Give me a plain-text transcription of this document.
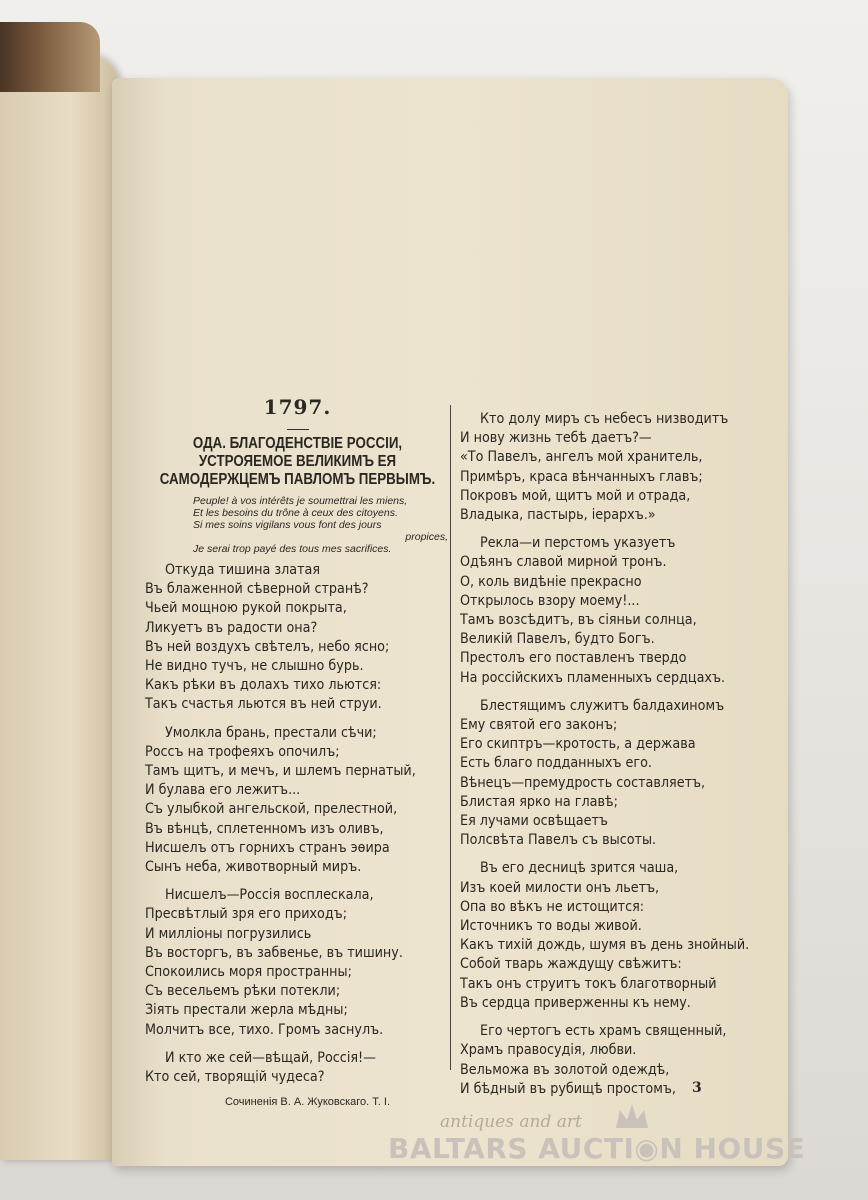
1797.
ОДА. БЛАГОДЕНСТВІЕ РОССІИ,
УСТРОЯЕМОЕ ВЕЛИКИМЪ ЕЯ
САМОДЕРЖЦЕМЪ ПАВЛОМЪ ПЕРВЫМЪ.
Peuple! à vos intérêts je soumettrai les miens,
Et les besoins du trône à ceux des citoyens.
Si mes soins vigilans vous font des jours
propices,
Je serai trop payé des tous mes sacrifices.
Откуда тишина златая
Въ блаженной сѣверной странѣ?
Чьей мощною рукой покрыта,
Ликуетъ въ радости она?
Въ ней воздухъ свѣтелъ, небо ясно;
Не видно тучъ, не слышно бурь.
Какъ рѣки въ долахъ тихо льются:
Такъ счастья льются въ ней струи.
Умолкла брань, престали сѣчи;
Россъ на трофеяхъ опочилъ;
Тамъ щитъ, и мечъ, и шлемъ пернатый,
И булава его лежитъ...
Съ улыбкой ангельской, прелестной,
Въ вѣнцѣ, сплетенномъ изъ оливъ,
Нисшелъ отъ горнихъ странъ эѳира
Сынъ неба, животворный миръ.
Нисшелъ—Россія восплескала,
Пресвѣтлый зря его приходъ;
И милліоны погрузились
Въ восторгъ, въ забвенье, въ тишину.
Спокоились моря пространны;
Съ веселье​мъ рѣки потекли;
Зіять престали жерла мѣдны;
Молчитъ все, тихо. Громъ заснулъ.
И кто же сей—вѣщай, Россія!—
Кто сей, творящій чудеса?
Сочиненія В. А. Жуковскаго. Т. I.
Кто долу миръ съ небесъ низводитъ
И нову жизнь тебѣ даетъ?—
«То Павелъ, ангелъ мой хранитель,
Примѣръ, краса вѣнчанныхъ главъ;
Покровъ мой, щитъ мой и отрада,
Владыка, пастырь, іерархъ.»
Рекла—и перстомъ указуетъ
Одѣянъ славой мирной тронъ.
О, коль видѣніе прекрасно
Открылось взору моему!...
Тамъ возсѣдитъ, въ сіяньи солнца,
Великій Павелъ, будто Богъ.
Престолъ его поставленъ твердо
На россійскихъ пламенныхъ сердцахъ.
Блестящимъ служитъ балдахиномъ
Ему святой его законъ;
Его скиптръ—кротость, а держава
Есть благо подданныхъ его.
Вѣнецъ—премудрость составляетъ,
Блистая ярко на главѣ;
Ея лучами освѣщаетъ
Полсвѣта Павелъ съ высоты.
Въ его десницѣ зрится чаша,
Изъ коей милости онъ льетъ,
Опа во вѣкъ не истощится:
Источникъ то воды живой.
Какъ тихій дождь, шумя въ день знойный.
Собой тварь жаждущу свѣжитъ:
Такъ онъ струитъ токъ благотворный
Въ сердца приверженны къ нему.
Его чертогъ есть храмъ священный,
Храмъ правосудія, любви.
Вельможа въ золотой одеждѣ,
И бѣдный въ рубищѣ простомъ,	3
antiques and art
BALTARS AUCTI◉N HOUSE
